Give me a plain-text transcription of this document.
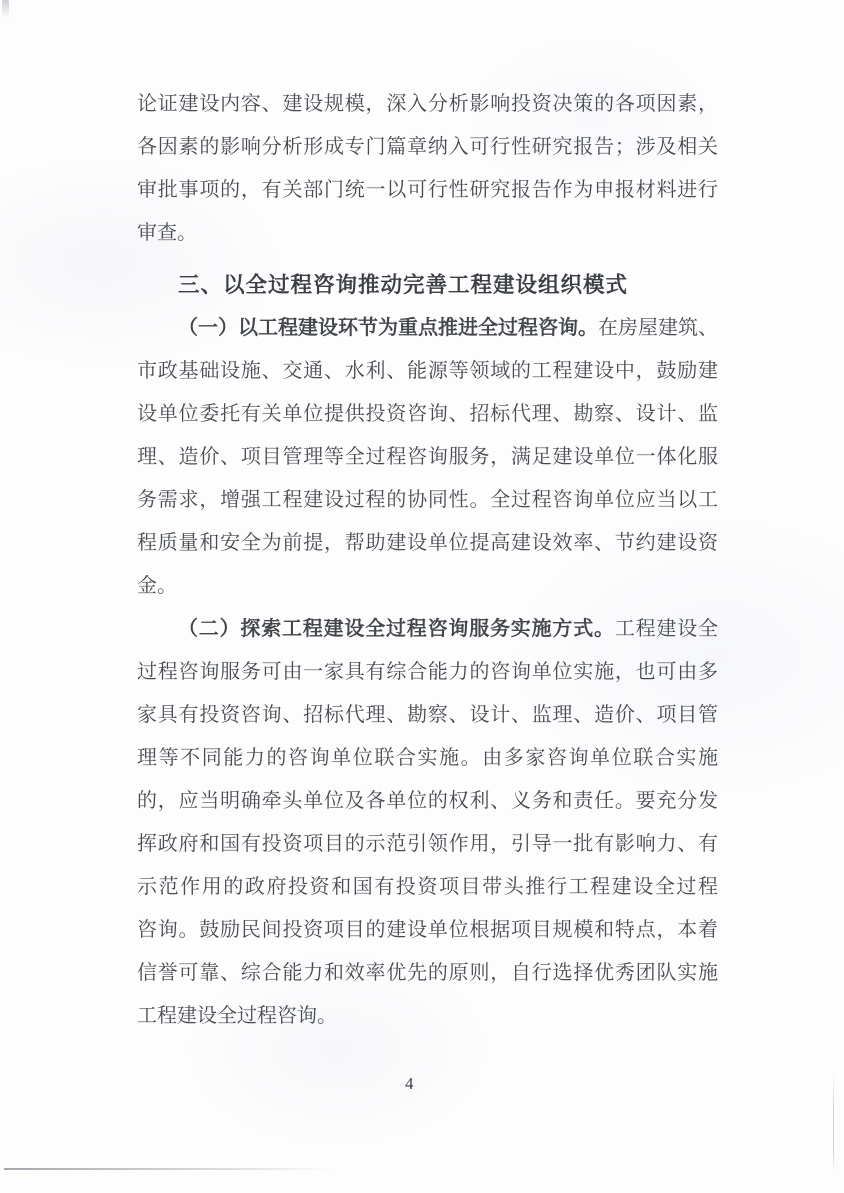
论证建设内容、建设规模，深入分析影响投资决策的各项因素，
各因素的影响分析形成专门篇章纳入可行性研究报告；涉及相关
审批事项的，有关部门统一以可行性研究报告作为申报材料进行
审查。
三、以全过程咨询推动完善工程建设组织模式
（一）以工程建设环节为重点推进全过程咨询。在房屋建筑、
市政基础设施、交通、水利、能源等领域的工程建设中，鼓励建
设单位委托有关单位提供投资咨询、招标代理、勘察、设计、监
理、造价、项目管理等全过程咨询服务，满足建设单位一体化服
务需求，增强工程建设过程的协同性。全过程咨询单位应当以工
程质量和安全为前提，帮助建设单位提高建设效率、节约建设资
金。
（二）探索工程建设全过程咨询服务实施方式。工程建设全
过程咨询服务可由一家具有综合能力的咨询单位实施，也可由多
家具有投资咨询、招标代理、勘察、设计、监理、造价、项目管
理等不同能力的咨询单位联合实施。由多家咨询单位联合实施
的，应当明确牵头单位及各单位的权利、义务和责任。要充分发
挥政府和国有投资项目的示范引领作用，引导一批有影响力、有
示范作用的政府投资和国有投资项目带头推行工程建设全过程
咨询。鼓励民间投资项目的建设单位根据项目规模和特点，本着
信誉可靠、综合能力和效率优先的原则，自行选择优秀团队实施
工程建设全过程咨询。
4
